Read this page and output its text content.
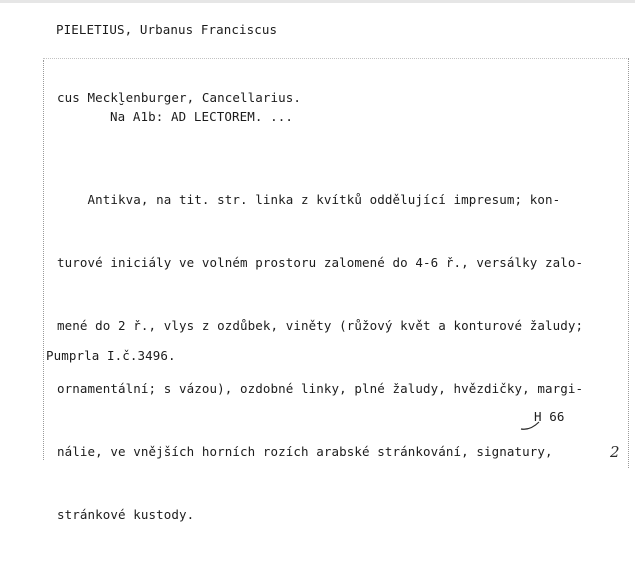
PIELETIUS, Urbanus Franciscus
cus Meckl̮enburger, Cancellarius.
Na A1b: AD LECTOREM. ...

Antikva, na tit. str. linka z kvítků oddělující impresum; kon-

turové iniciály ve volném prostoru zalomené do 4-6 ř., versálky zalo-

mené do 2 ř., vlys z ozdůbek, viněty (růžový květ a konturové žaludy;

ornamentální; s vázou), ozdobné linky, plné žaludy, hvězdičky, margi-

nálie, ve vnějších horních rozích arabské stránkování, signatury,

stránkové kustody.

Pumprla I.č.3496.
H 66
2
